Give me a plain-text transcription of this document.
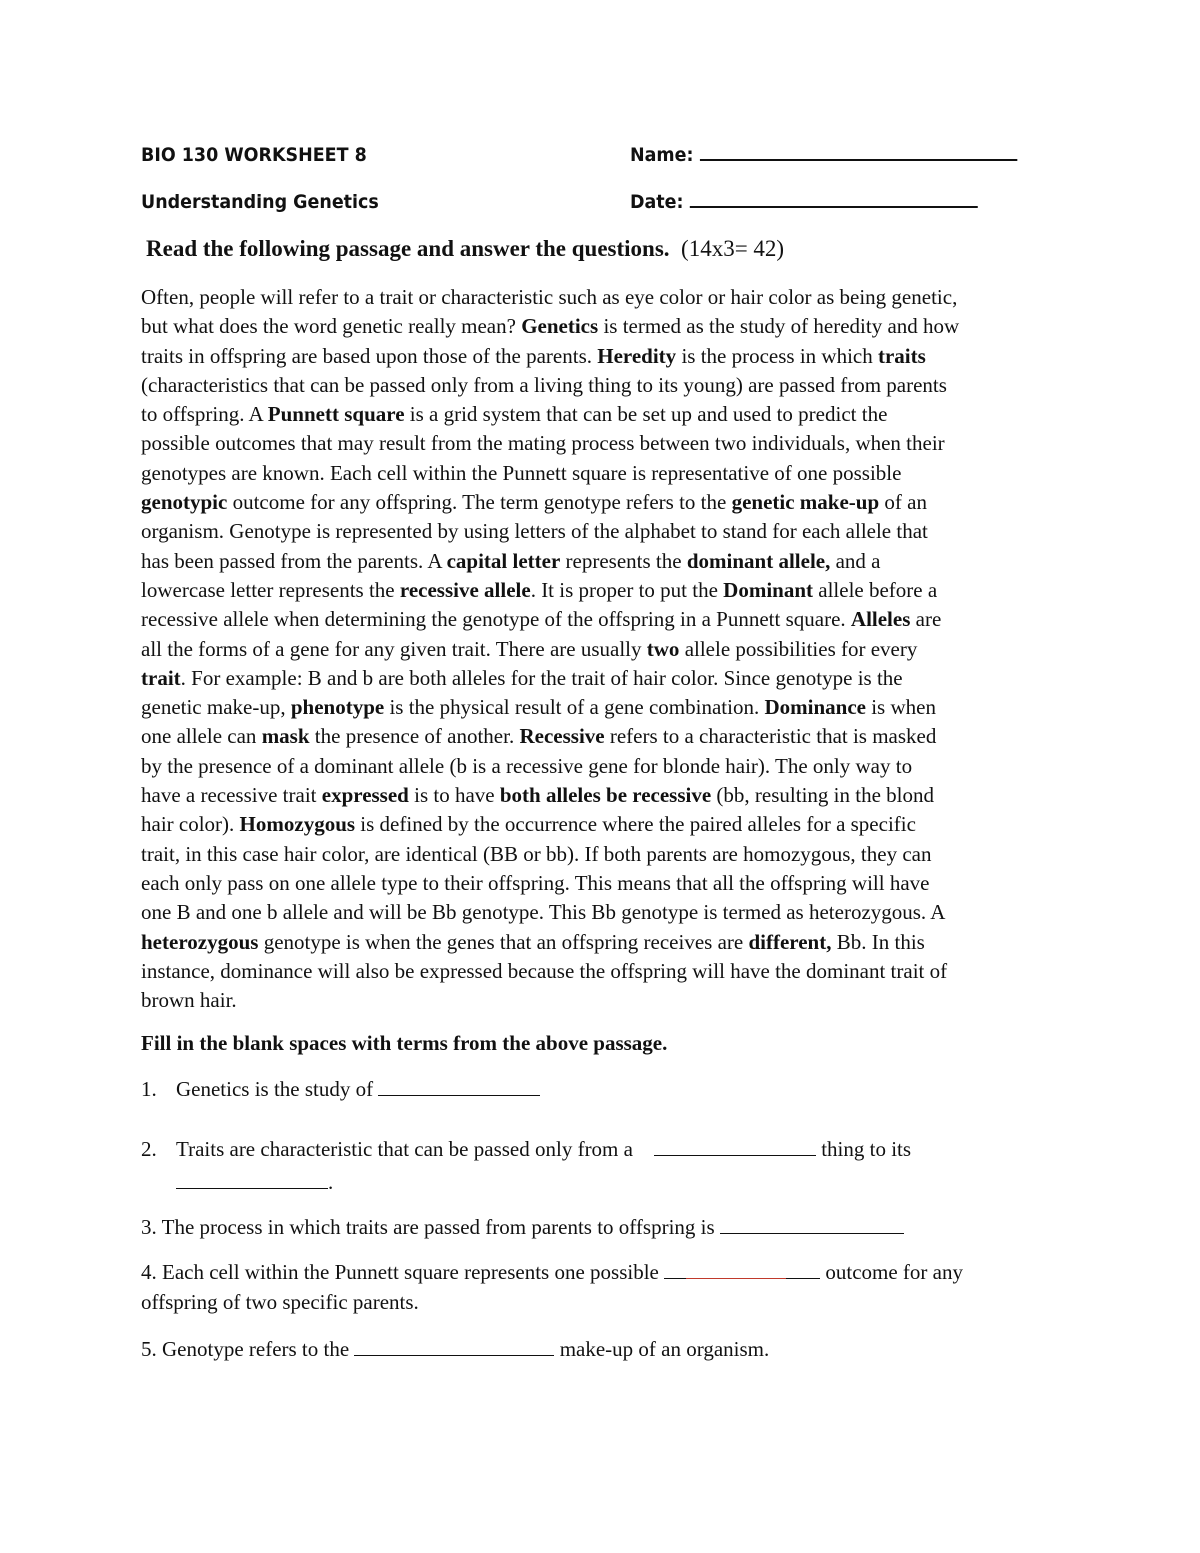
BIO 130 WORKSHEET 8
Understanding Genetics
Name:
Date:
Read the following passage and answer the questions. (14x3= 42)
Often, people will refer to a trait or characteristic such as eye color or hair color as being genetic,
but what does the word genetic really mean? Genetics is termed as the study of heredity and how
traits in offspring are based upon those of the parents. Heredity is the process in which traits
(characteristics that can be passed only from a living thing to its young) are passed from parents
to offspring. A Punnett square is a grid system that can be set up and used to predict the
possible outcomes that may result from the mating process between two individuals, when their
genotypes are known. Each cell within the Punnett square is representative of one possible
genotypic outcome for any offspring. The term genotype refers to the genetic make-up of an
organism. Genotype is represented by using letters of the alphabet to stand for each allele that
has been passed from the parents. A capital letter represents the dominant allele, and a
lowercase letter represents the recessive allele. It is proper to put the Dominant allele before a
recessive allele when determining the genotype of the offspring in a Punnett square. Alleles are
all the forms of a gene for any given trait. There are usually two allele possibilities for every
trait. For example: B and b are both alleles for the trait of hair color. Since genotype is the
genetic make-up, phenotype is the physical result of a gene combination. Dominance is when
one allele can mask the presence of another. Recessive refers to a characteristic that is masked
by the presence of a dominant allele (b is a recessive gene for blonde hair). The only way to
have a recessive trait expressed is to have both alleles be recessive (bb, resulting in the blond
hair color). Homozygous is defined by the occurrence where the paired alleles for a specific
trait, in this case hair color, are identical (BB or bb). If both parents are homozygous, they can
each only pass on one allele type to their offspring. This means that all the offspring will have
one B and one b allele and will be Bb genotype. This Bb genotype is termed as heterozygous. A
heterozygous genotype is when the genes that an offspring receives are different, Bb. In this
instance, dominance will also be expressed because the offspring will have the dominant trait of
brown hair.
Fill in the blank spaces with terms from the above passage.
1. Genetics is the study of
2. Traits are characteristic that can be passed only from a	thing to its
.
3. The process in which traits are passed from parents to offspring is
4. Each cell within the Punnett square represents one possible	outcome for any
offspring of two specific parents.
5. Genotype refers to the	make-up of an organism.
